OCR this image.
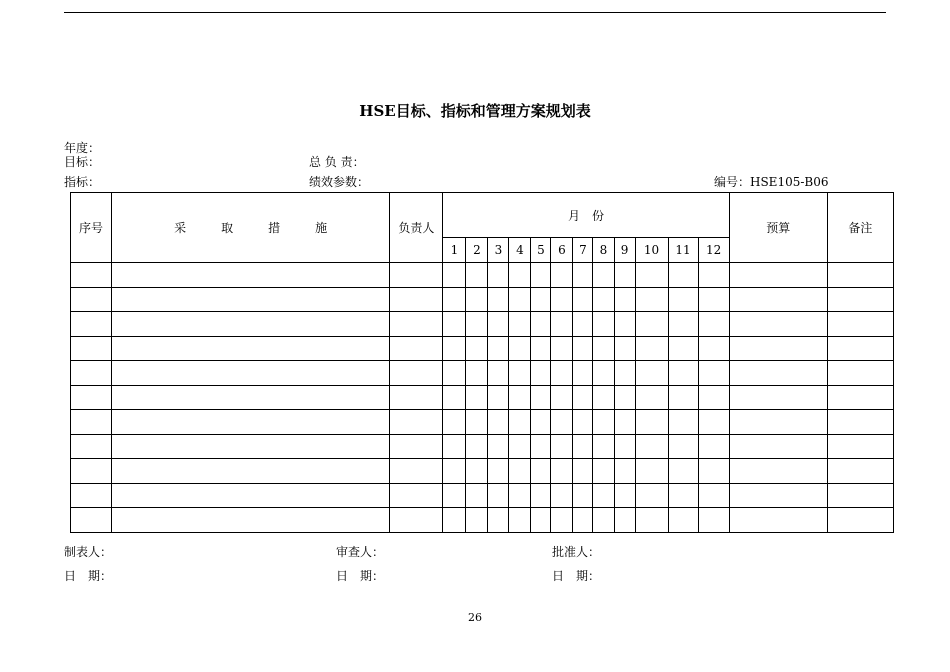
HSE目标、指标和管理方案规划表
年度：
目标：
指标：
总 负 责：
绩效参数：	编号：HSE105-B06
序号	采 取 措 施	负责人	月　份												预算	备注
			1	2	3	4	5	6	7	8	9	10	11	12		

制表人：	审查人：	批准人：
日　期：	日　期：	日　期：
26
